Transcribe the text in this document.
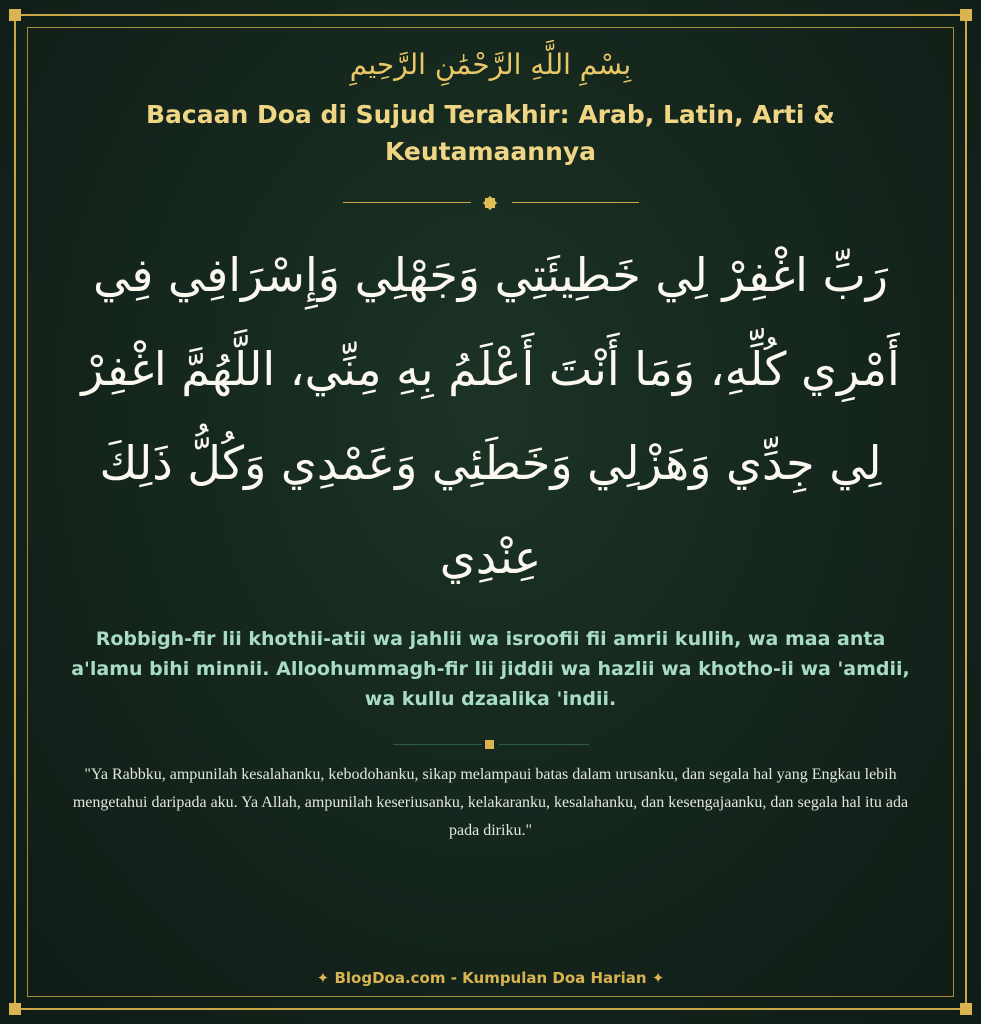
بِسْمِ اللَّهِ الرَّحْمَٰنِ الرَّحِيمِ
Bacaan Doa di Sujud Terakhir: Arab, Latin, Arti & Keutamaannya
رَبِّ اغْفِرْ لِي خَطِيئَتِي وَجَهْلِي وَإِسْرَافِي فِي أَمْرِي كُلِّهِ، وَمَا أَنْتَ أَعْلَمُ بِهِ مِنِّي، اللَّهُمَّ اغْفِرْ لِي جِدِّي وَهَزْلِي وَخَطَئِي وَعَمْدِي وَكُلُّ ذَلِكَ عِنْدِي
Robbigh-fir lii khothii-atii wa jahlii wa isroofii fii amrii kullih, wa maa anta a'lamu bihi minnii. Alloohummagh-fir lii jiddii wa hazlii wa khotho-ii wa 'amdii, wa kullu dzaalika 'indii.
"Ya Rabbku, ampunilah kesalahanku, kebodohanku, sikap melampaui batas dalam urusanku, dan segala hal yang Engkau lebih mengetahui daripada aku. Ya Allah, ampunilah keseriusanku, kelakaranku, kesalahanku, dan kesengajaanku, dan segala hal itu ada pada diriku."
✦ BlogDoa.com - Kumpulan Doa Harian ✦
